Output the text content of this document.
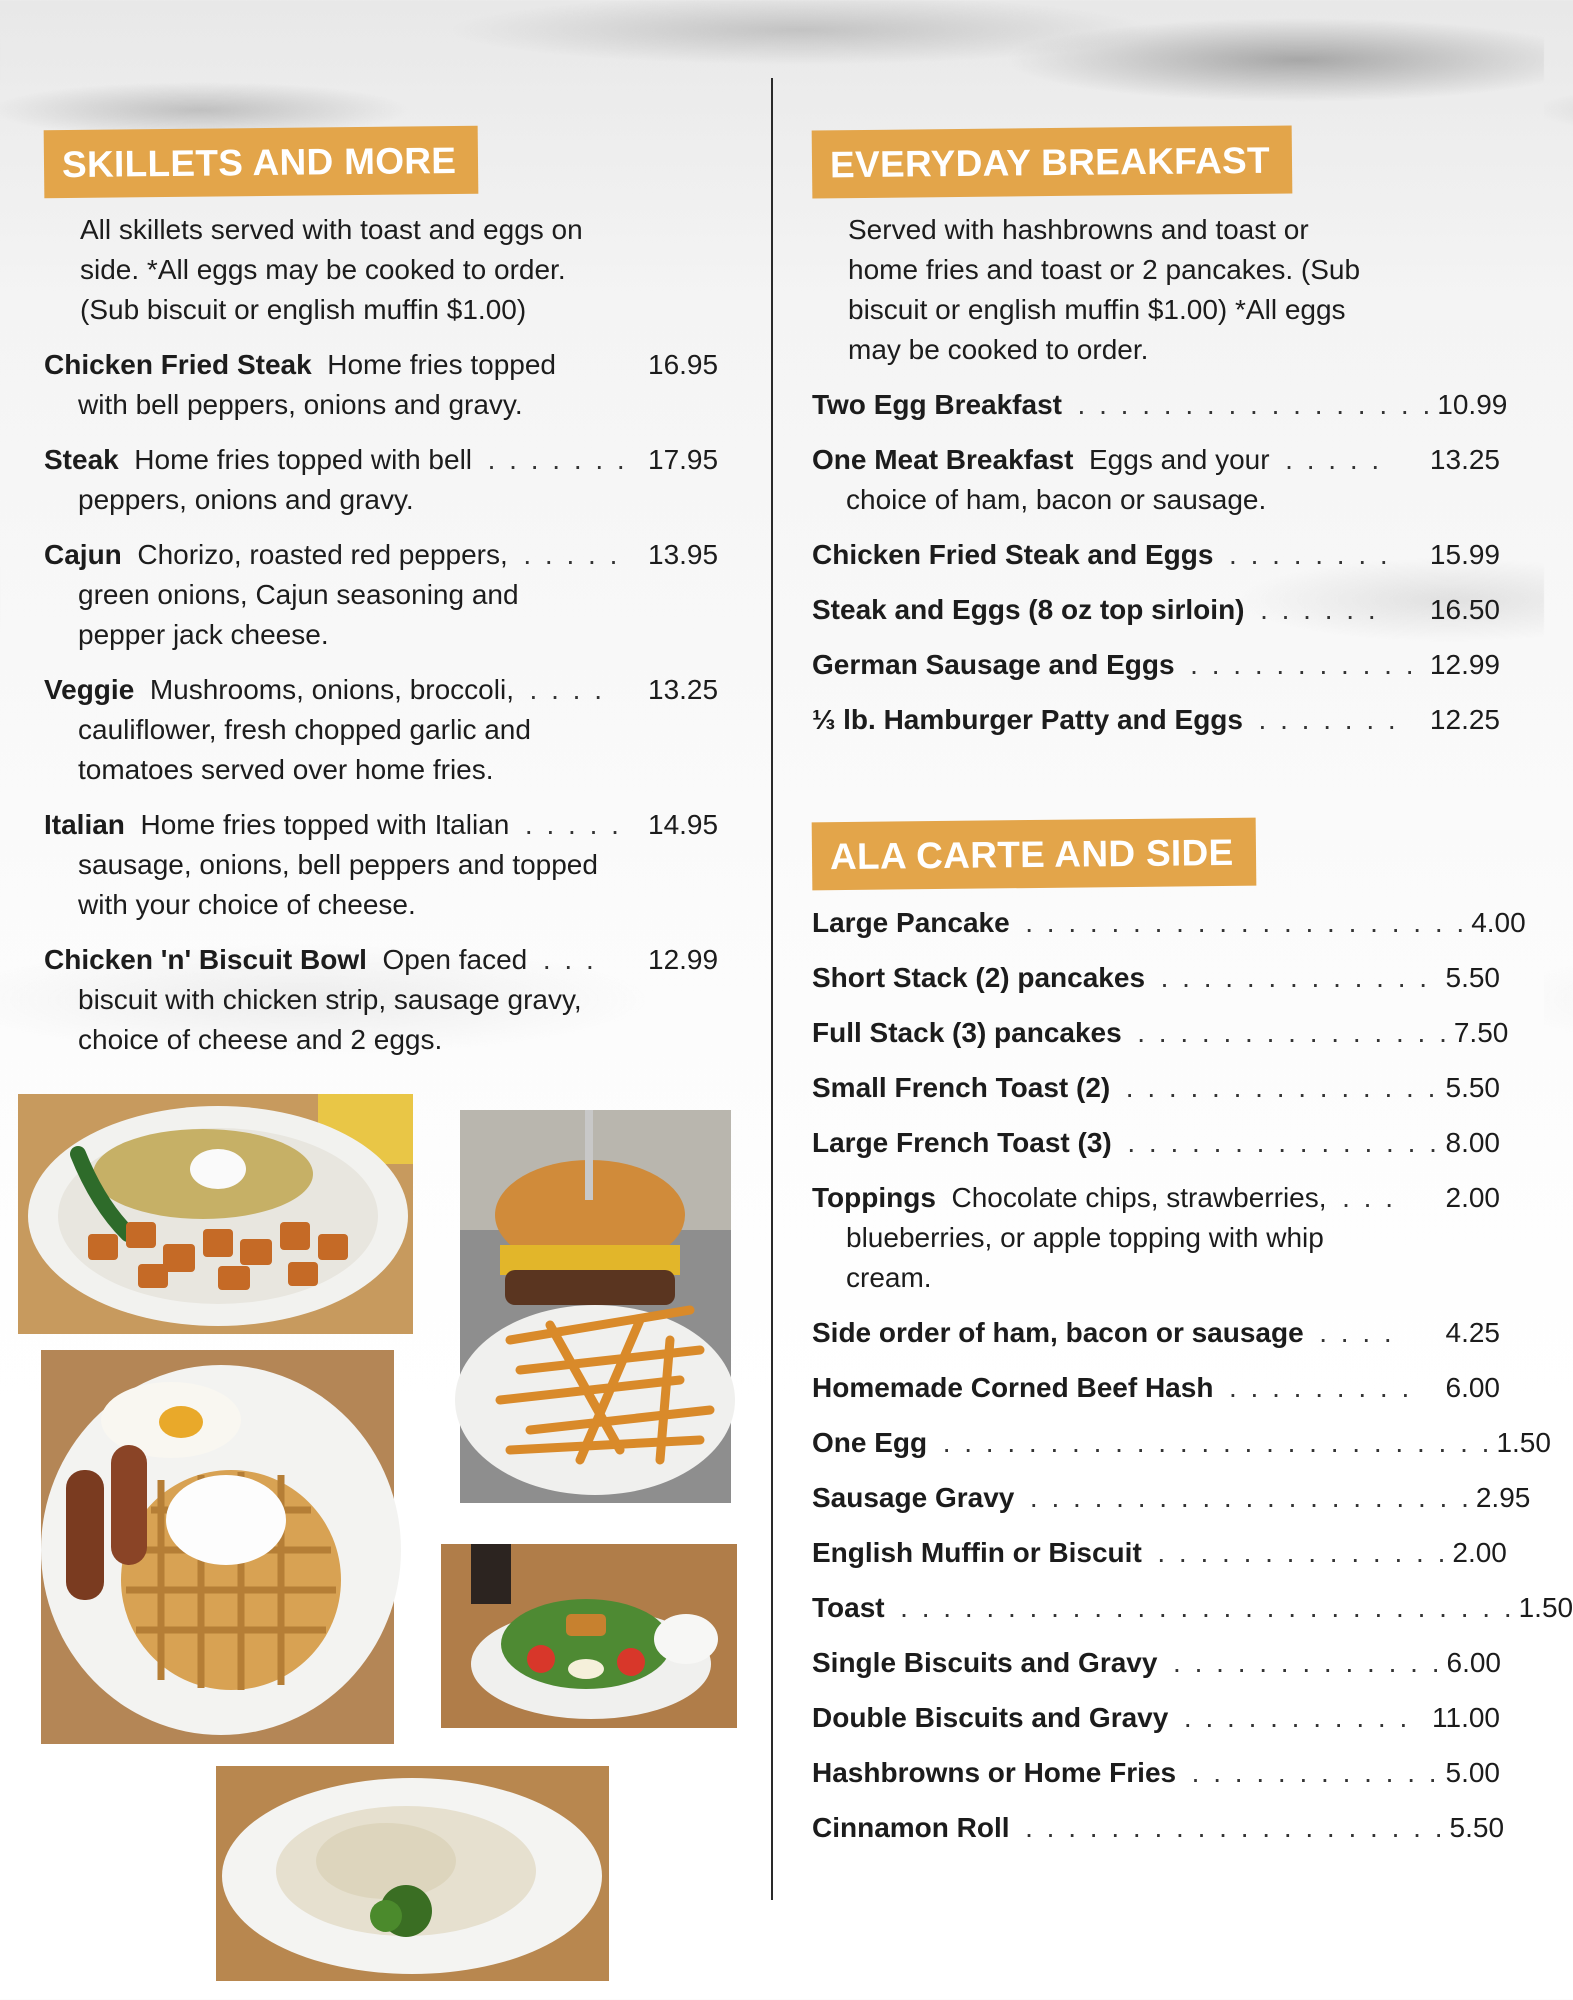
SKILLETS AND MORE
All skillets served with toast and eggs on
side. *All eggs may be cooked to order.
(Sub biscuit or english muffin $1.00)
Chicken Fried Steak Home fries topped	16.95
with bell peppers, onions and gravy.
Steak Home fries topped with bell . . . . . . . 17.95
peppers, onions and gravy.
Cajun Chorizo, roasted red peppers, . . . . . 13.95
green onions, Cajun seasoning and
pepper jack cheese.
Veggie Mushrooms, onions, broccoli, . . . .	13.25
cauliflower, fresh chopped garlic and
tomatoes served over home fries.
Italian Home fries topped with Italian . . . . . 14.95
sausage, onions, bell peppers and topped
with your choice of cheese.
Chicken 'n' Biscuit Bowl Open faced . . .	12.99
biscuit with chicken strip, sausage gravy,
choice of cheese and 2 eggs.
EVERYDAY BREAKFAST
Served with hashbrowns and toast or
home fries and toast or 2 pancakes. (Sub
biscuit or english muffin $1.00) *All eggs
may be cooked to order.
Two Egg Breakfast . . . . . . . . . . . . . . . . . 10.99
One Meat Breakfast Eggs and your . . . . .	13.25
choice of ham, bacon or sausage.
Chicken Fried Steak and Eggs . . . . . . . .	15.99
Steak and Eggs (8 oz top sirloin) . . . . . .	16.50
German Sausage and Eggs . . . . . . . . . . . 12.99
⅓ lb. Hamburger Patty and Eggs . . . . . . .	12.25
ALA CARTE AND SIDE
Large Pancake . . . . . . . . . . . . . . . . . . . . . 4.00
Short Stack (2) pancakes . . . . . . . . . . . . . 5.50
Full Stack (3) pancakes . . . . . . . . . . . . . . . 7.50
Small French Toast (2) . . . . . . . . . . . . . . . 5.50
Large French Toast (3) . . . . . . . . . . . . . . . 8.00
Toppings Chocolate chips, strawberries, . . .	2.00
blueberries, or apple topping with whip
cream.
Side order of ham, bacon or sausage . . . .	4.25
Homemade Corned Beef Hash . . . . . . . . .	6.00
One Egg . . . . . . . . . . . . . . . . . . . . . . . . . . 1.50
Sausage Gravy . . . . . . . . . . . . . . . . . . . . . 2.95
English Muffin or Biscuit . . . . . . . . . . . . . . 2.00
Toast . . . . . . . . . . . . . . . . . . . . . . . . . . . . . 1.50
Single Biscuits and Gravy . . . . . . . . . . . . . 6.00
Double Biscuits and Gravy . . . . . . . . . . . 11.00
Hashbrowns or Home Fries . . . . . . . . . . . . 5.00
Cinnamon Roll . . . . . . . . . . . . . . . . . . . . 5.50
